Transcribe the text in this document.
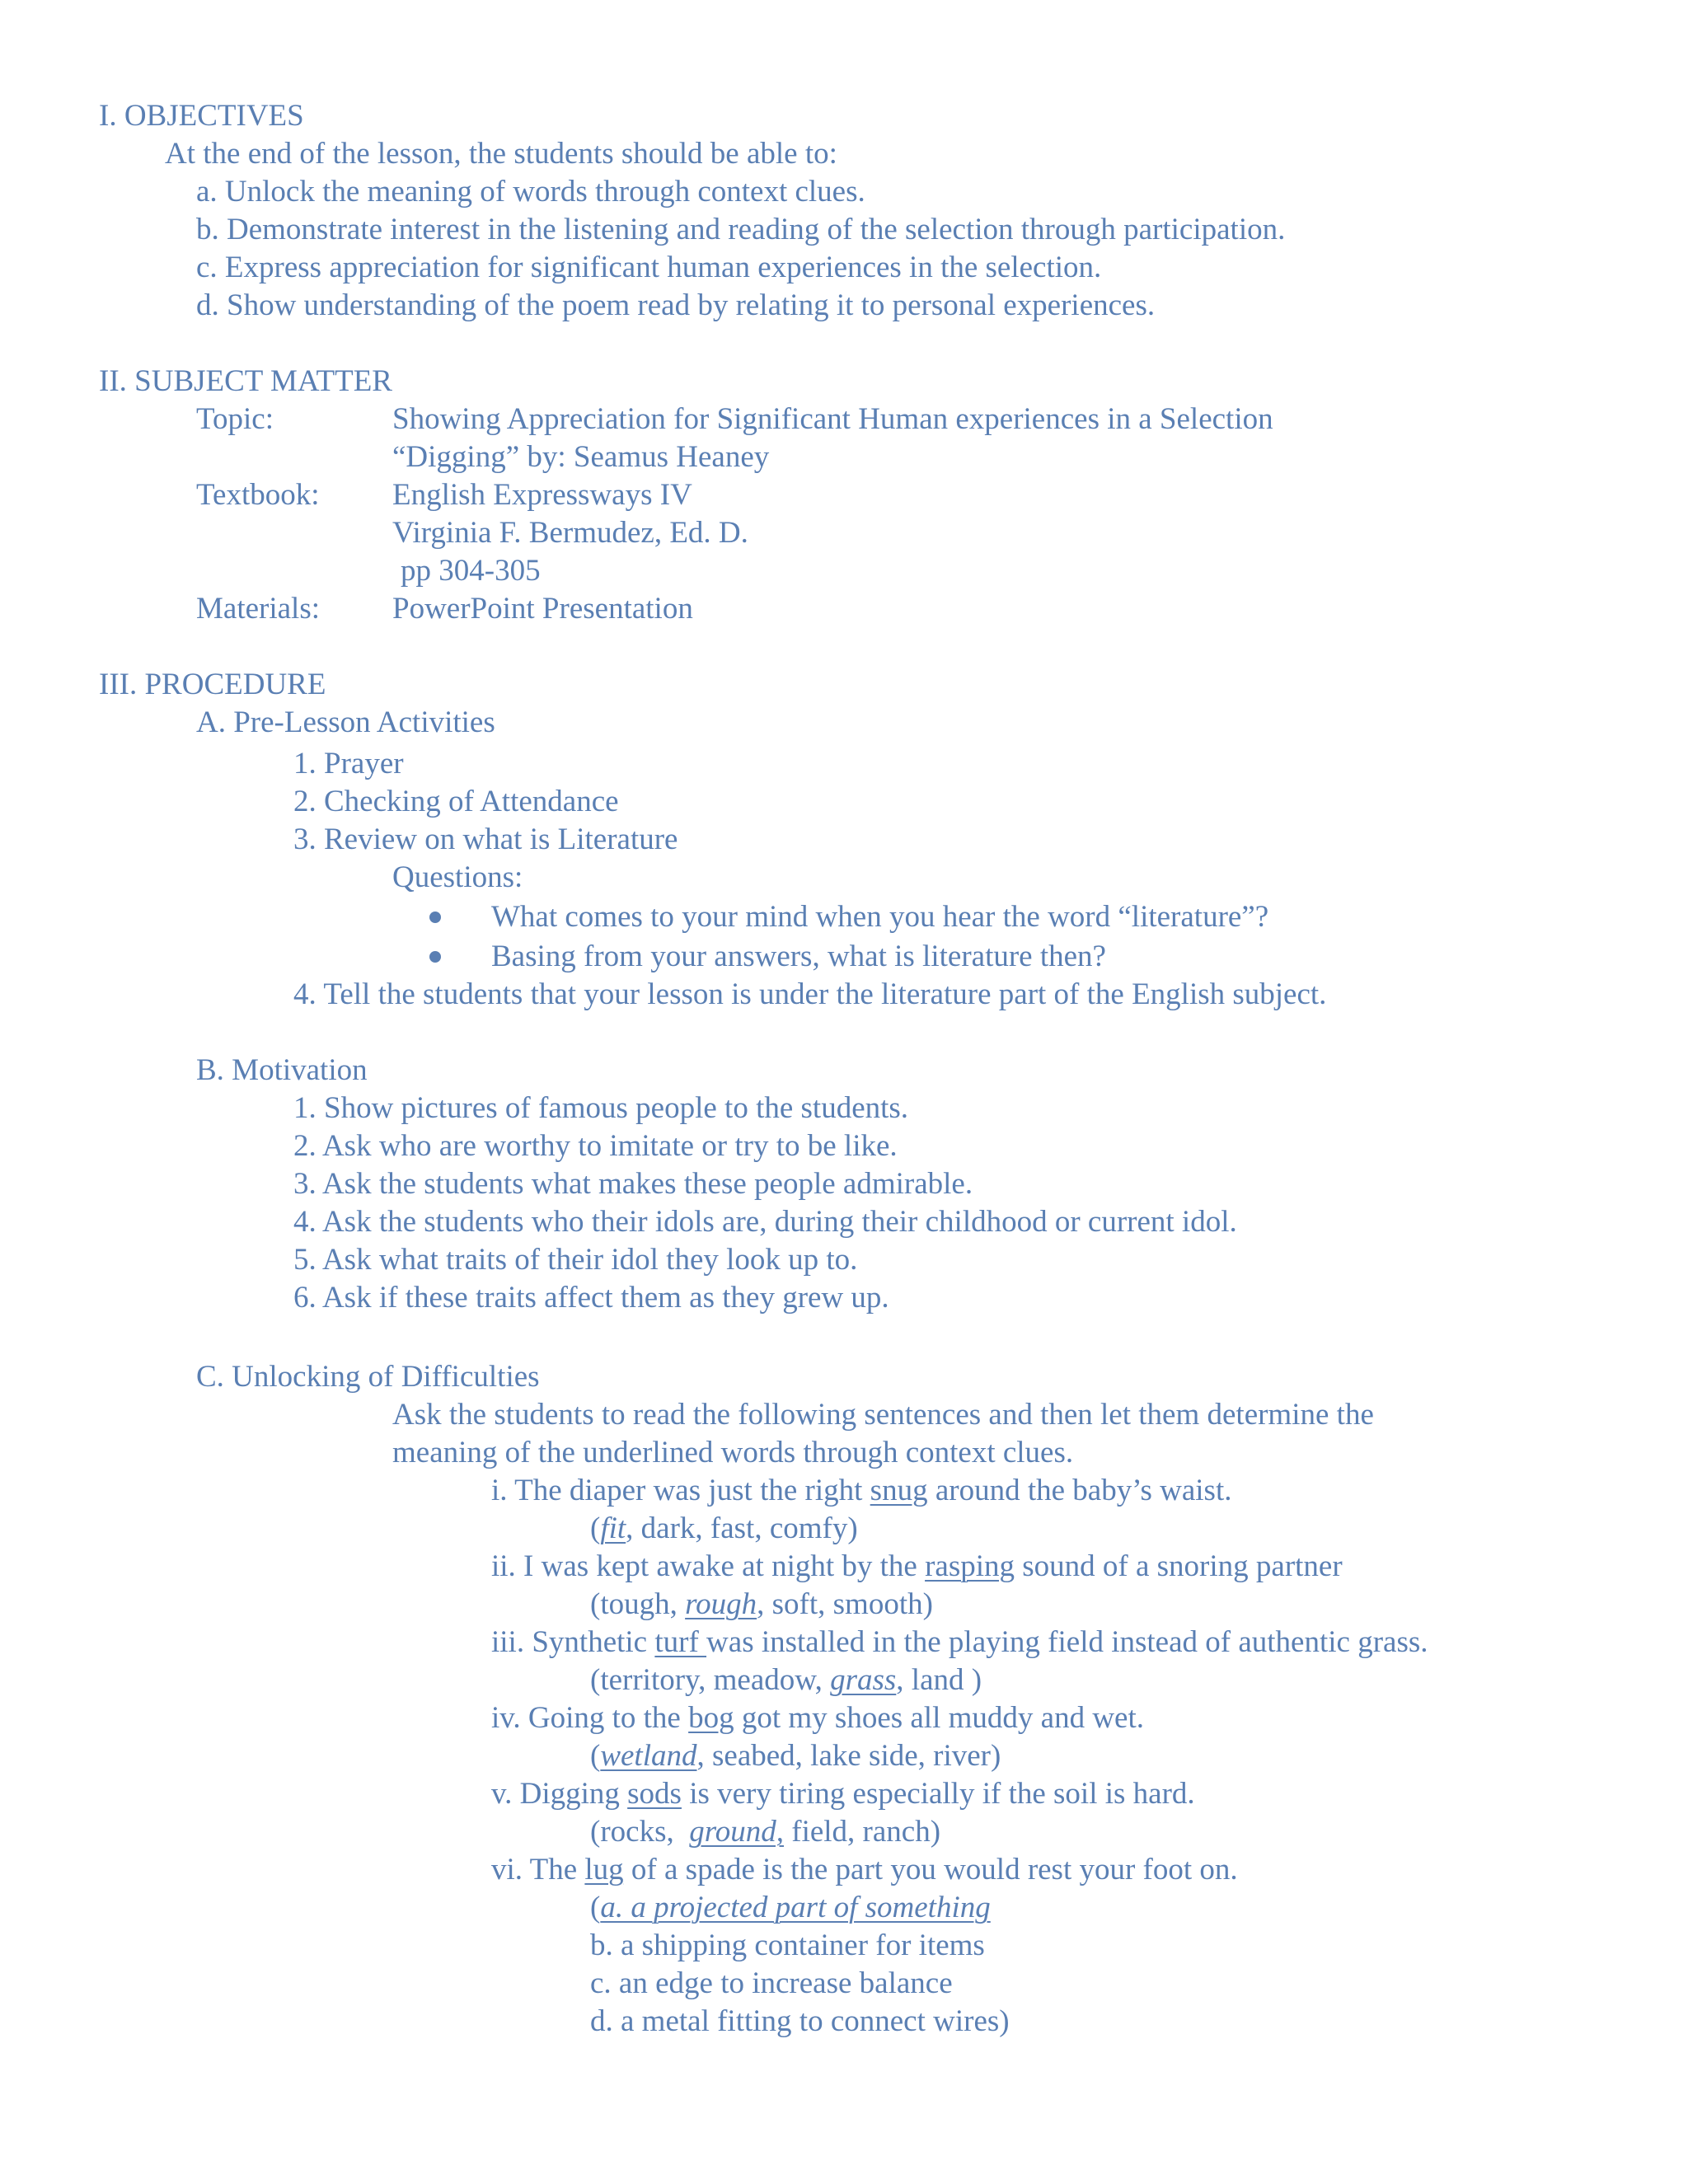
I. OBJECTIVES
At the end of the lesson, the students should be able to:
a. Unlock the meaning of words through context clues.
b. Demonstrate interest in the listening and reading of the selection through participation.
c. Express appreciation for significant human experiences in the selection.
d. Show understanding of the poem read by relating it to personal experiences.
II. SUBJECT MATTER
Topic:	Showing Appreciation for Significant Human experiences in a Selection
“Digging” by: Seamus Heaney
Textbook: English Expressways IV
Virginia F. Bermudez, Ed. D.
pp 304-305
Materials: PowerPoint Presentation
III. PROCEDURE
A. Pre-Lesson Activities
1. Prayer
2. Checking of Attendance
3. Review on what is Literature
Questions:
What comes to your mind when you hear the word “literature”?
Basing from your answers, what is literature then?
4. Tell the students that your lesson is under the literature part of the English subject.
B. Motivation
1. Show pictures of famous people to the students.
2. Ask who are worthy to imitate or try to be like.
3. Ask the students what makes these people admirable.
4. Ask the students who their idols are, during their childhood or current idol.
5. Ask what traits of their idol they look up to.
6. Ask if these traits affect them as they grew up.
C. Unlocking of Difficulties
Ask the students to read the following sentences and then let them determine the
meaning of the underlined words through context clues.
i. The diaper was just the right snug around the baby’s waist.
(fit, dark, fast, comfy)
ii. I was kept awake at night by the rasping sound of a snoring partner
(tough, rough, soft, smooth)
iii. Synthetic turf was installed in the playing field instead of authentic grass.
(territory, meadow, grass, land )
iv. Going to the bog got my shoes all muddy and wet.
(wetland, seabed, lake side, river)
v. Digging sods is very tiring especially if the soil is hard.
(rocks,  ground, field, ranch)
vi. The lug of a spade is the part you would rest your foot on.
(a. a projected part of something
b. a shipping container for items
c. an edge to increase balance
d. a metal fitting to connect wires)
